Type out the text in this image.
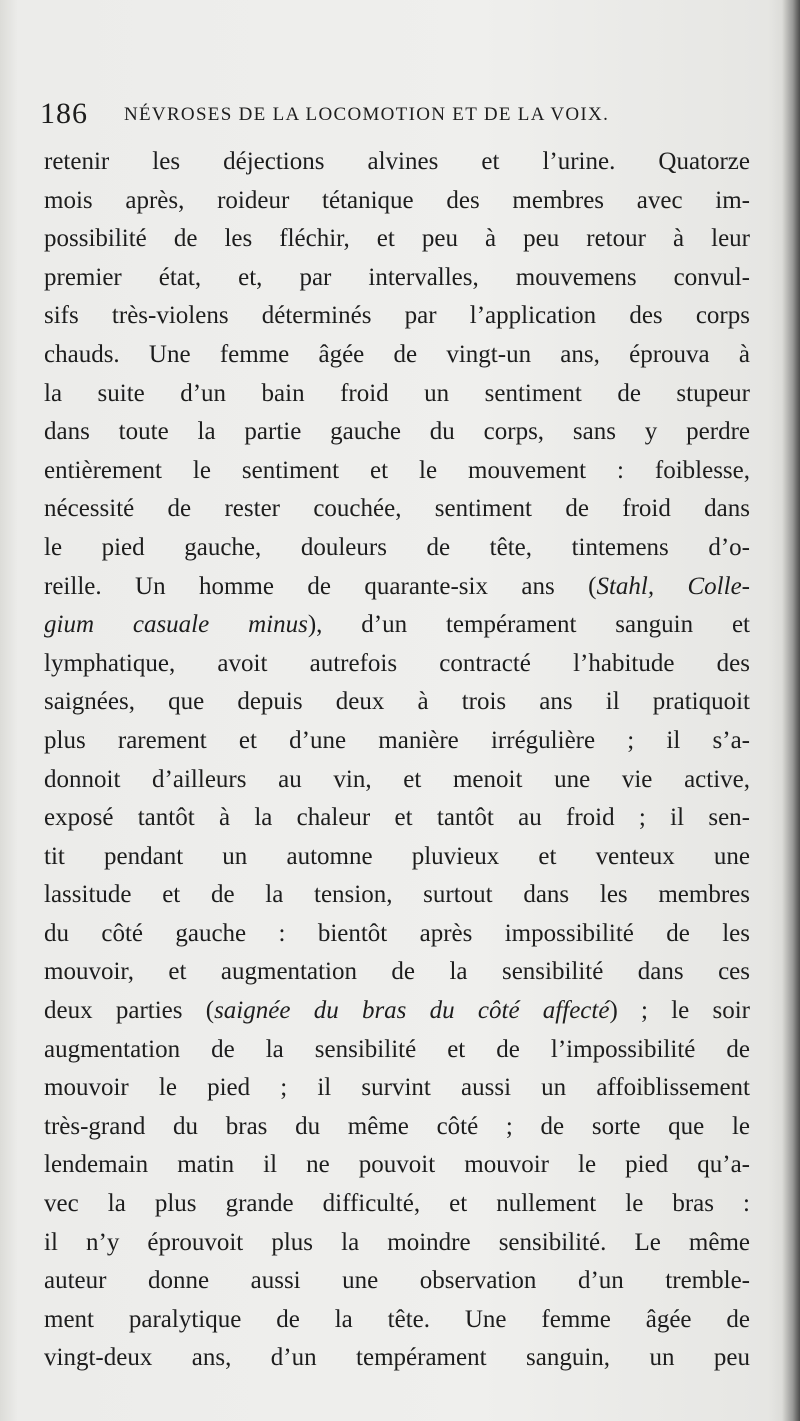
186 NÉVROSES DE LA LOCOMOTION ET DE LA VOIX.
retenir les déjections alvines et l’urine. Quatorze
mois après, roideur tétanique des membres avec im-
possibilité de les fléchir, et peu à peu retour à leur
premier état, et, par intervalles, mouvemens convul-
sifs très-violens déterminés par l’application des corps
chauds. Une femme âgée de vingt-un ans, éprouva à
la suite d’un bain froid un sentiment de stupeur
dans toute la partie gauche du corps, sans y perdre
entièrement le sentiment et le mouvement : foiblesse,
nécessité de rester couchée, sentiment de froid dans
le pied gauche, douleurs de tête, tintemens d’o-
reille. Un homme de quarante-six ans (Stahl, Colle-
gium casuale minus), d’un tempérament sanguin et
lymphatique, avoit autrefois contracté l’habitude des
saignées, que depuis deux à trois ans il pratiquoit
plus rarement et d’une manière irrégulière ; il s’a-
donnoit d’ailleurs au vin, et menoit une vie active,
exposé tantôt à la chaleur et tantôt au froid ; il sen-
tit pendant un automne pluvieux et venteux une
lassitude et de la tension, surtout dans les membres
du côté gauche : bientôt après impossibilité de les
mouvoir, et augmentation de la sensibilité dans ces
deux parties (saignée du bras du côté affecté) ; le soir
augmentation de la sensibilité et de l’impossibilité de
mouvoir le pied ; il survint aussi un affoiblissement
très-grand du bras du même côté ; de sorte que le
lendemain matin il ne pouvoit mouvoir le pied qu’a-
vec la plus grande difficulté, et nullement le bras :
il n’y éprouvoit plus la moindre sensibilité. Le même
auteur donne aussi une observation d’un tremble-
ment paralytique de la tête. Une femme âgée de
vingt-deux ans, d’un tempérament sanguin, un peu
